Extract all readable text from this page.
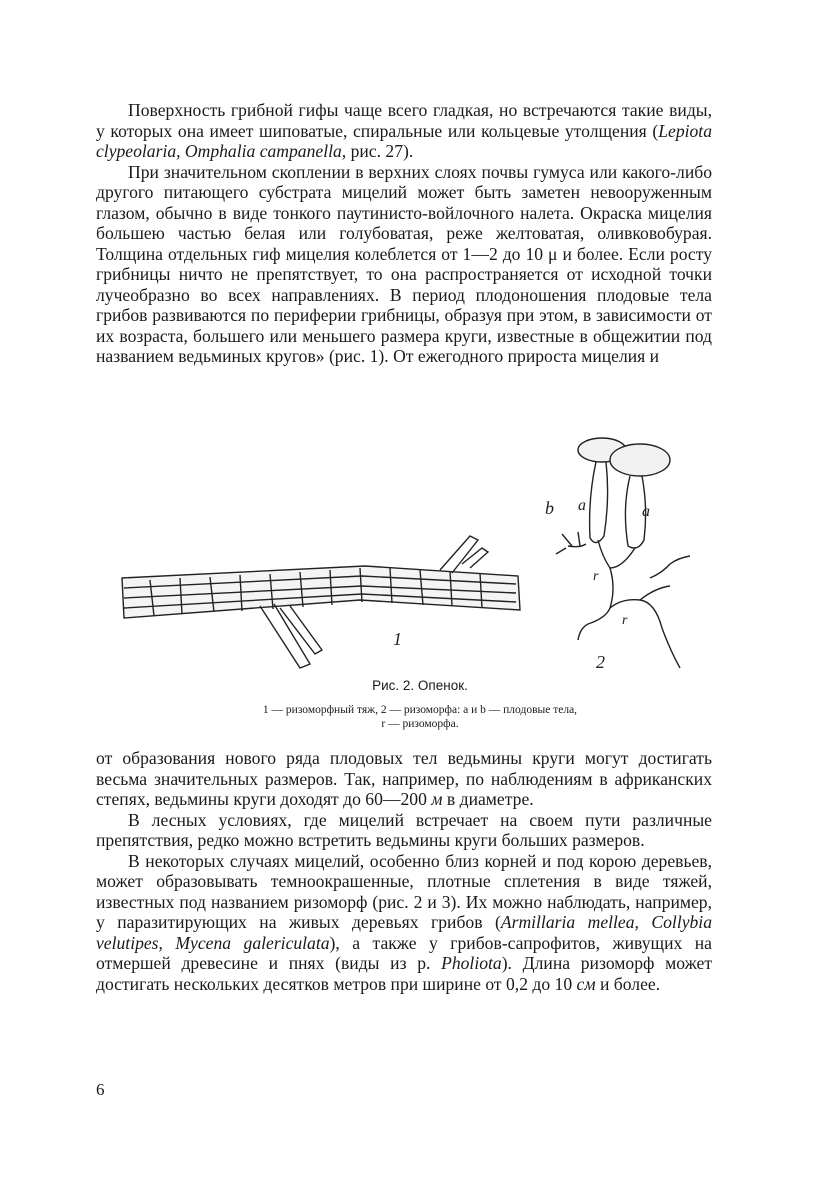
Поверхность грибной гифы чаще всего гладкая, но встречаются такие виды, у которых она имеет шиповатые, спиральные или кольцевые утолщения (Lepiota clypeolaria, Omphalia campanella, рис. 27).

При значительном скоплении в верхних слоях почвы гумуса или какого-либо другого питающего субстрата мицелий может быть заметен невооруженным глазом, обычно в виде тонкого паутинисто-войлочного налета. Окраска мицелия большею частью белая или голубоватая, реже желтоватая, оливковобурая. Толщина отдельных гиф мицелия колеблется от 1—2 до 10 μ и более. Если росту грибницы ничто не препятствует, то она распространяется от исходной точки лучеобразно во всех направлениях. В период плодоношения плодовые тела грибов развиваются по периферии грибницы, образуя при этом, в зависимости от их возраста, большего или меньшего размера круги, известные в общежитии под названием ведьминых кругов» (рис. 1). От ежегодного прироста мицелия и

1
b a	a
r
r
2
Рис. 2. Опенок.
1 — ризоморфный тяж, 2 — ризоморфа: a и b — плодовые тела,
r — ризоморфа.

от образования нового ряда плодовых тел ведьмины круги могут достигать весьма значительных размеров. Так, например, по наблюдениям в африканских степях, ведьмины круги доходят до 60—200 м в диаметре.

В лесных условиях, где мицелий встречает на своем пути различные препятствия, редко можно встретить ведьмины круги больших размеров.

В некоторых случаях мицелий, особенно близ корней и под корою деревьев, может образовывать темноокрашенные, плотные сплетения в виде тяжей, известных под названием ризоморф (рис. 2 и 3). Их можно наблюдать, например, у паразитирующих на живых деревьях грибов (Armillaria mellea, Collybia velutipes, Mycena galericulata), а также у грибов-сапрофитов, живущих на отмершей древесине и пнях (виды из р. Pholiota). Длина ризоморф может достигать нескольких десятков метров при ширине от 0,2 до 10 см и более.

6
